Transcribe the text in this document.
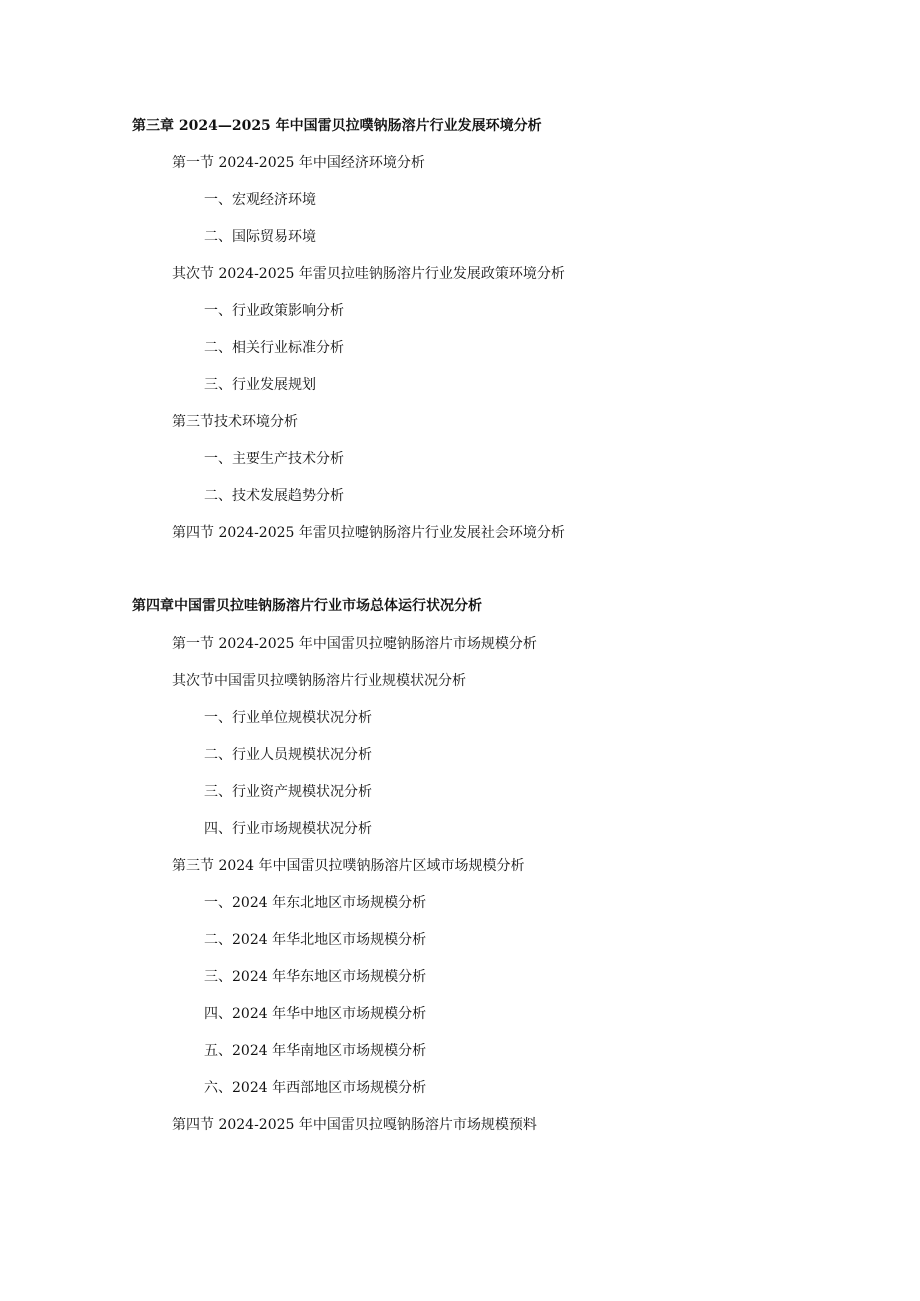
第三章 2024—2025 年中国雷贝拉噗钠肠溶片行业发展环境分析
第一节 2024-2025 年中国经济环境分析
一、宏观经济环境
二、国际贸易环境
其次节 2024-2025 年雷贝拉哇钠肠溶片行业发展政策环境分析
一、行业政策影响分析
二、相关行业标准分析
三、行业发展规划
第三节技术环境分析
一、主要生产技术分析
二、技术发展趋势分析
第四节 2024-2025 年雷贝拉嚏钠肠溶片行业发展社会环境分析
第四章中国雷贝拉哇钠肠溶片行业市场总体运行状况分析
第一节 2024-2025 年中国雷贝拉嚏钠肠溶片市场规模分析
其次节中国雷贝拉噗钠肠溶片行业规模状况分析
一、行业单位规模状况分析
二、行业人员规模状况分析
三、行业资产规模状况分析
四、行业市场规模状况分析
第三节 2024 年中国雷贝拉噗钠肠溶片区域市场规模分析
一、2024 年东北地区市场规模分析
二、2024 年华北地区市场规模分析
三、2024 年华东地区市场规模分析
四、2024 年华中地区市场规模分析
五、2024 年华南地区市场规模分析
六、2024 年西部地区市场规模分析
第四节 2024-2025 年中国雷贝拉嘎钠肠溶片市场规模预料
